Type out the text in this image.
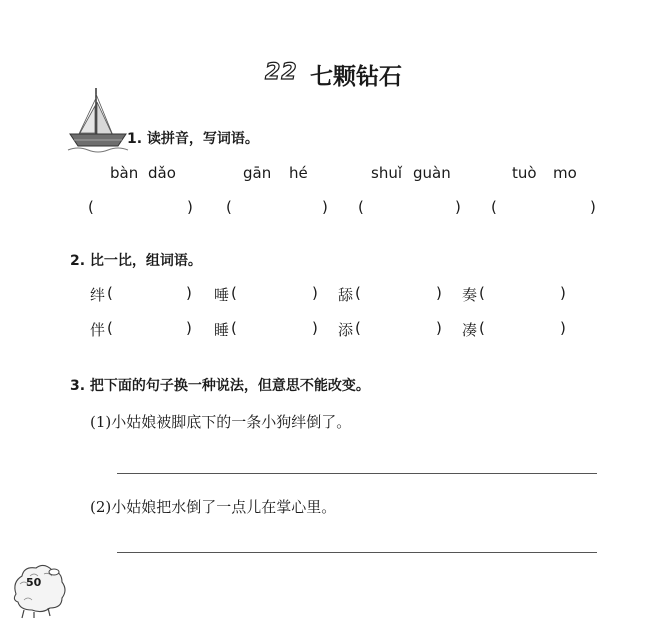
22 七颗钻石
1. 读拼音，写词语。
bàn dǎo	gān hé	shuǐ guàn	tuò mo
(	) (	) (	) (	)
2. 比一比，组词语。
绊 (	) 唾 (	) 舔 (	) 奏 (	)
伴 (	) 睡 (	) 添 (	) 凑 (	)
3. 把下面的句子换一种说法，但意思不能改变。
(1)小姑娘被脚底下的一条小狗绊倒了。
(2)小姑娘把水倒了一点儿在掌心里。
50
